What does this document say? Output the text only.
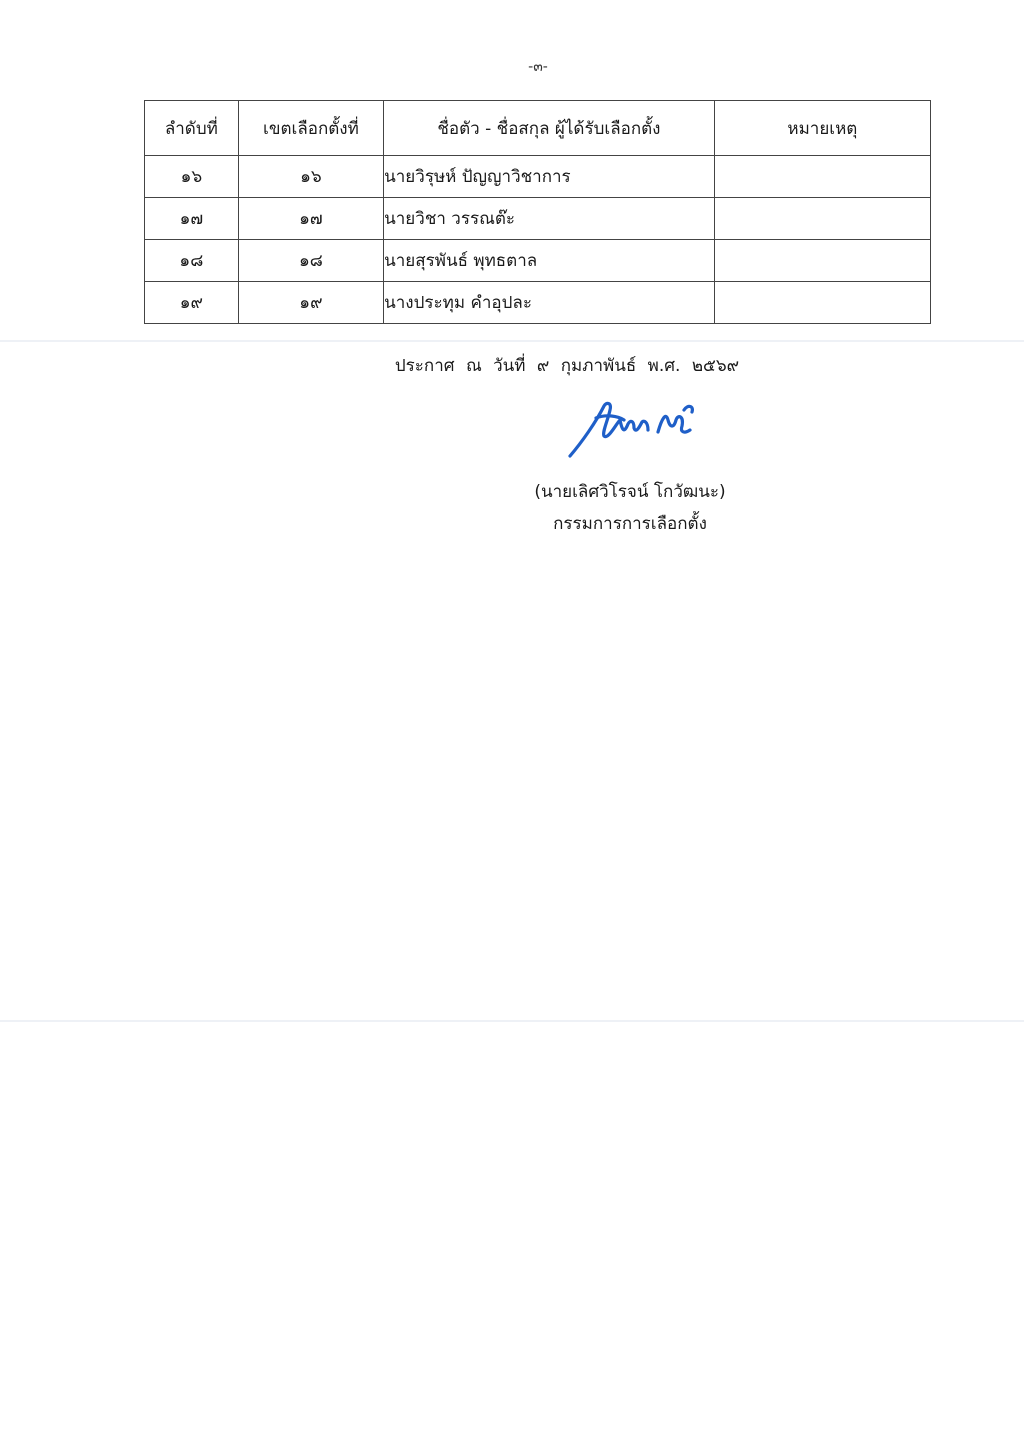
-๓-
ลำดับที่	เขตเลือกตั้งที่	ชื่อตัว - ชื่อสกุล ผู้ได้รับเลือกตั้ง	หมายเหตุ
๑๖	๑๖	นายวิรุษห์ ปัญญาวิชาการ	
๑๗	๑๗	นายวิชา วรรณต๊ะ	
๑๘	๑๘	นายสุรพันธ์ พุทธตาล	
๑๙	๑๙	นางประทุม คำอุปละ	
ประกาศ ณ วันที่ ๙ กุมภาพันธ์ พ.ศ. ๒๕๖๙
(นายเลิศวิโรจน์ โกวัฒนะ)
กรรมการการเลือกตั้ง
